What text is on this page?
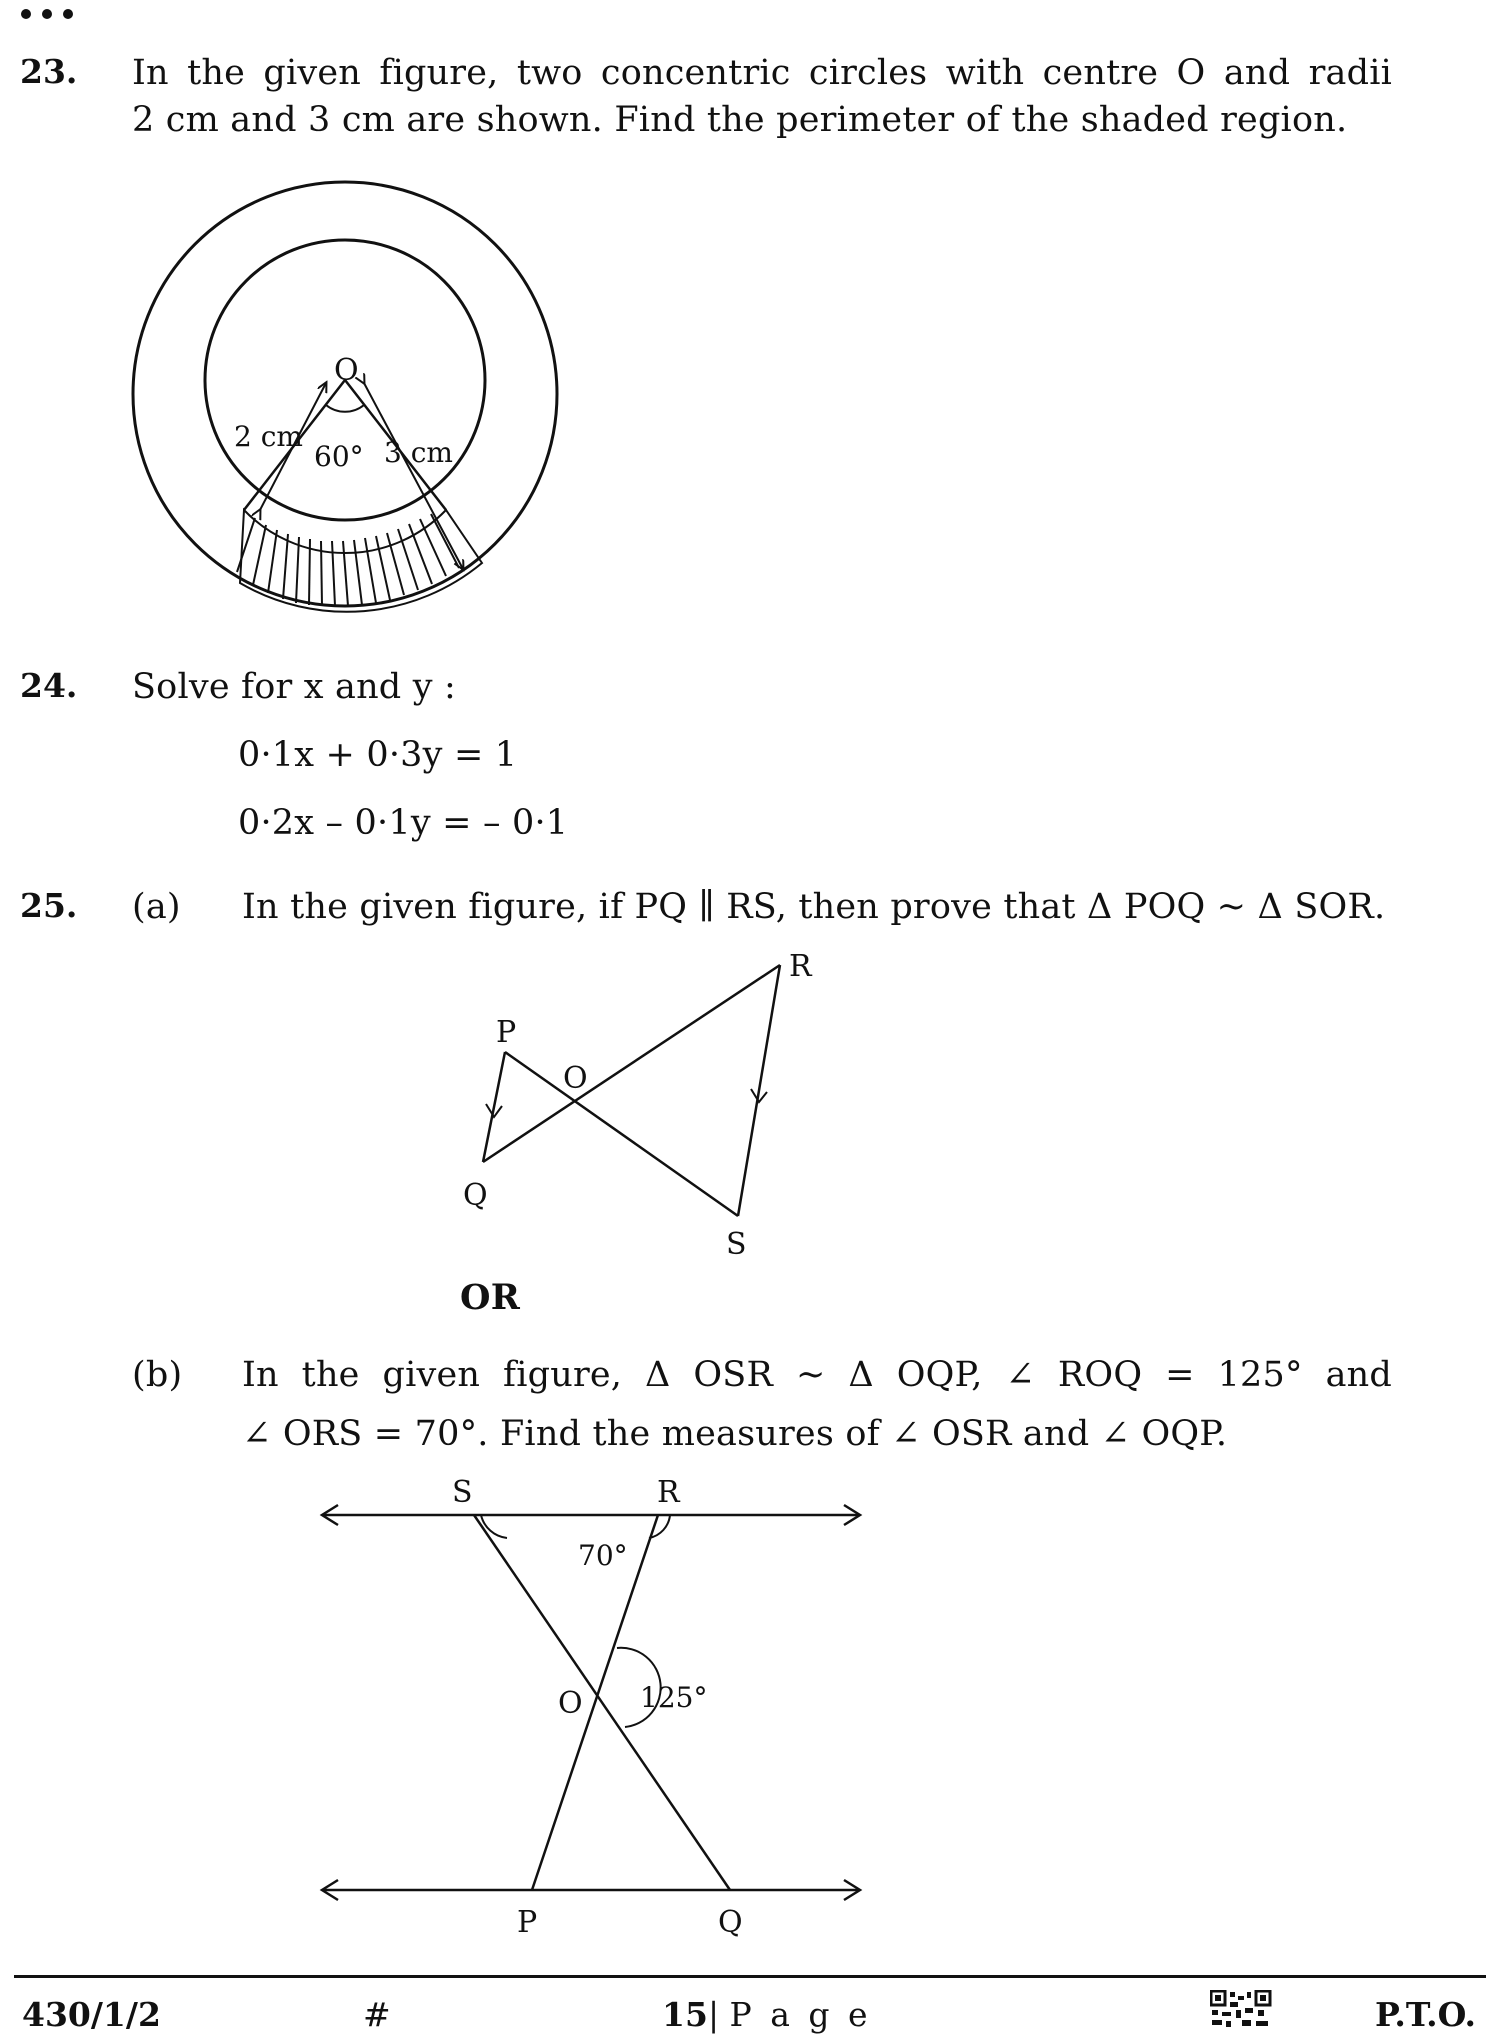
23. In the given figure, two concentric circles with centre O and radii
2 cm and 3 cm are shown. Find the perimeter of the shaded region.
O
2 cm
60° 3 cm
24. Solve for x and y :
0·1x + 0·3y = 1
0·2x – 0·1y = – 0·1
25. (a) In the given figure, if PQ ∥ RS, then prove that Δ POQ ~ Δ SOR.
P
O
R
Q
S
OR
(b) In the given figure, Δ OSR ~ Δ OQP, ∠ ROQ = 125° and
∠ ORS = 70°. Find the measures of ∠ OSR and ∠ OQP.
S	R
70°
O 125°
P	Q
430/1/2	#	15| P a g e	P.T.O.
